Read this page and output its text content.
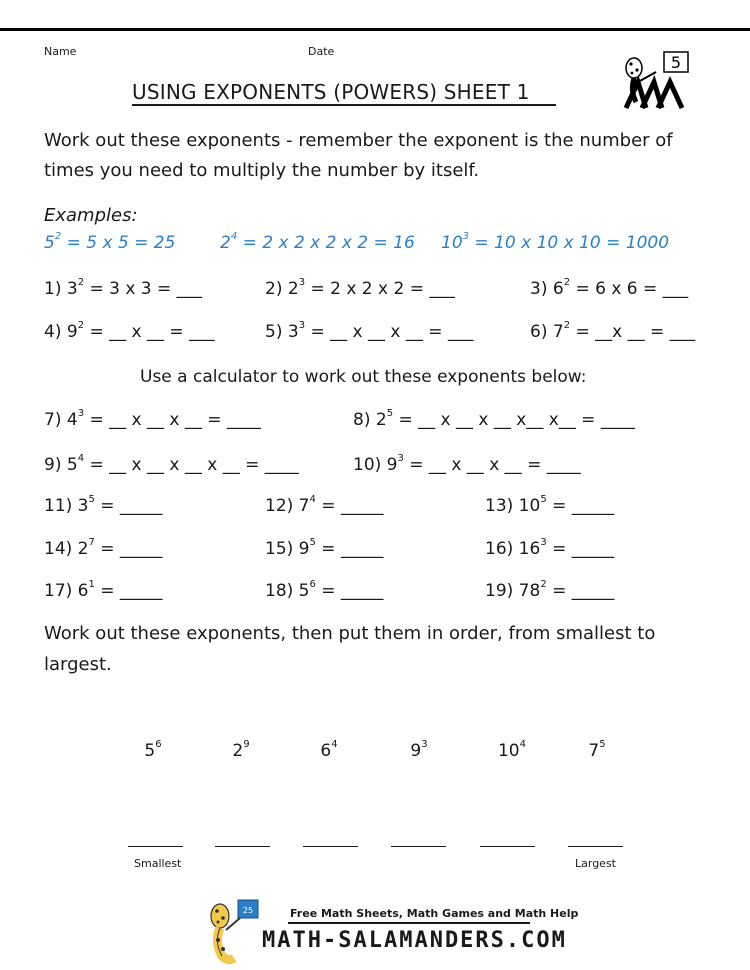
Name	Date
5
USING EXPONENTS (POWERS) SHEET 1
Work out these exponents - remember the exponent is the number of
times you need to multiply the number by itself.
Examples:
$5^2 = 5$ x 5 = 25	$2^4 = 2$ x 2 x 2 x 2 = 16 $10^3 = 10$ x 10 x 10 = 1000
1) $3^2 = 3$ x 3 = ___	2) $2^3 = 2$ x 2 x 2 = ___	3) $6^2 = 6$ x 6 = ___
4) $9^2$ = __ x __ = ___	5) $3^3$ = __ x __ x __ = ___	6) $7^2$ = __x __ = ___
Use a calculator to work out these exponents below:
7) $4^3$ = __ x __ x __ = ____	8) $2^5$ = __ x __ x __ x__ x__ = ____
9) $5^4$ = __ x __ x __ x __ = ____	10) $9^3$ = __ x __ x __ = ____
11) $3^5$ = _____	12) $7^4$ = _____	13) $10^5$ = _____
14) $2^7$ = _____	15) $9^5$ = _____	16) $16^3$ = _____
17) $6^1$ = _____	18) $5^6$ = _____	19) $78^2$ = _____
Work out these exponents, then put them in order, from smallest to
largest.
$5^6$	$2^9$	$6^4$	$9^3$	$10^4$	$7^5$
Smallest	Largest
25	Free Math Sheets, Math Games and Math Help
MATH-SALAMANDERS.COM
